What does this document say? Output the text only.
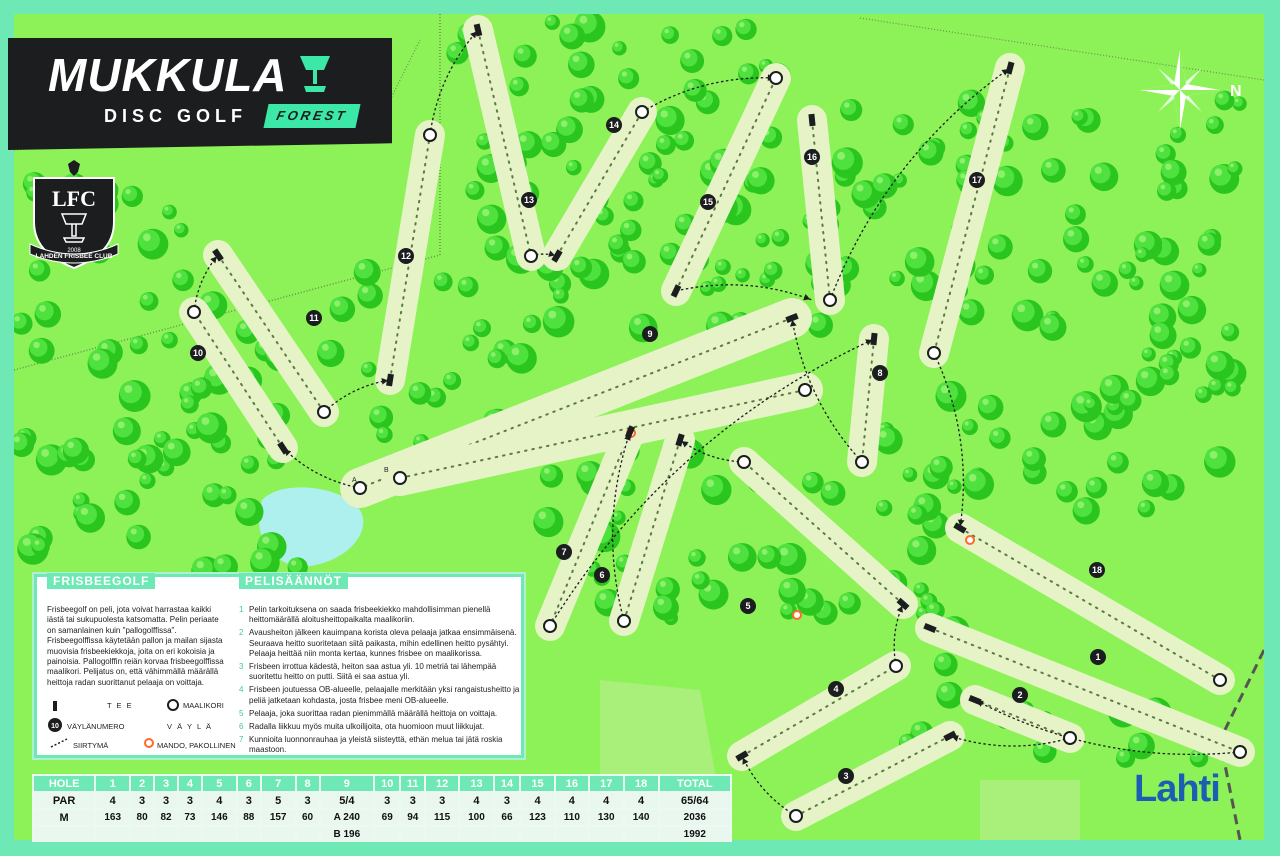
1
2
3
4
5
6
7
8
9
10
11
12
13
14
15
16
17
18
A
B
N
MUKKULA
DISC GOLF	FOREST
LFC
2008
LAHDEN FRISBEE CLUB
Lahti
FRISBEEGOLF	PELISÄÄNNÖT
Frisbeegolf on peli, jota voivat harrastaa kaikki iästä tai sukupuolesta katsomatta. Pelin periaate on samanlainen kuin "pallogolffissa". Frisbeegolffissa käytetään pallon ja mailan sijasta muovisia frisbeekiekkoja, joita on eri kokoisia ja painoisia. Pallogolffin reiän korvaa frisbeegolffissa maalikori. Pelijatus on, että vähimmällä määrällä heittoja radan suorittanut pelaaja on voittaja.
1 Pelin tarkoituksena on saada frisbeekiekko mahdollisimman pienellä heittomäärällä aloitusheittopaikalta maalikoriin.
2 Avausheiton jälkeen kauimpana korista oleva pelaaja jatkaa ensimmäisenä. Seuraava heitto suoritetaan siitä paikasta, mihin edellinen heitto pysähtyi. Pelaaja heittää niin monta kertaa, kunnes frisbee on maalikorissa.
3 Frisbeen irrottua kädestä, heiton saa astua yli. 10 metriä tai lähempää suoritettu heitto on putti. Siitä ei saa astua yli.
4 Frisbeen joutuessa OB-alueelle, pelaajalle merkitään yksi rangaistusheitto ja peliä jatketaan kohdasta, josta frisbee meni OB-alueelle.
5 Pelaaja, joka suorittaa radan pienimmällä määrällä heittoja on voittaja.
6 Radalla liikkuu myös muita ulkoilijoita, ota huomioon muut liikkujat.
7 Kunnioita luonnonrauhaa ja yleistä siisteyttä, ethän melua tai jätä roskia maastoon.
10
T E E	MAALIKORI
VÄYLÄNUMERO	V Ä Y L Ä
SIIRTYMÄ	MANDO, PAKOLLINEN
HOLE	1	2	3	4	5	6	7	8	9	10	11	12	13	14	15	16	17	18	TOTAL
PAR	4	3	3	3	4	3	5	3	5/4	3	3	3	4	3	4	4	4	4	65/64
M	163	80	82	73	146	88	157	60	A 240	69	94	115	100	66	123	110	130	140	2036
									B 196										1992
